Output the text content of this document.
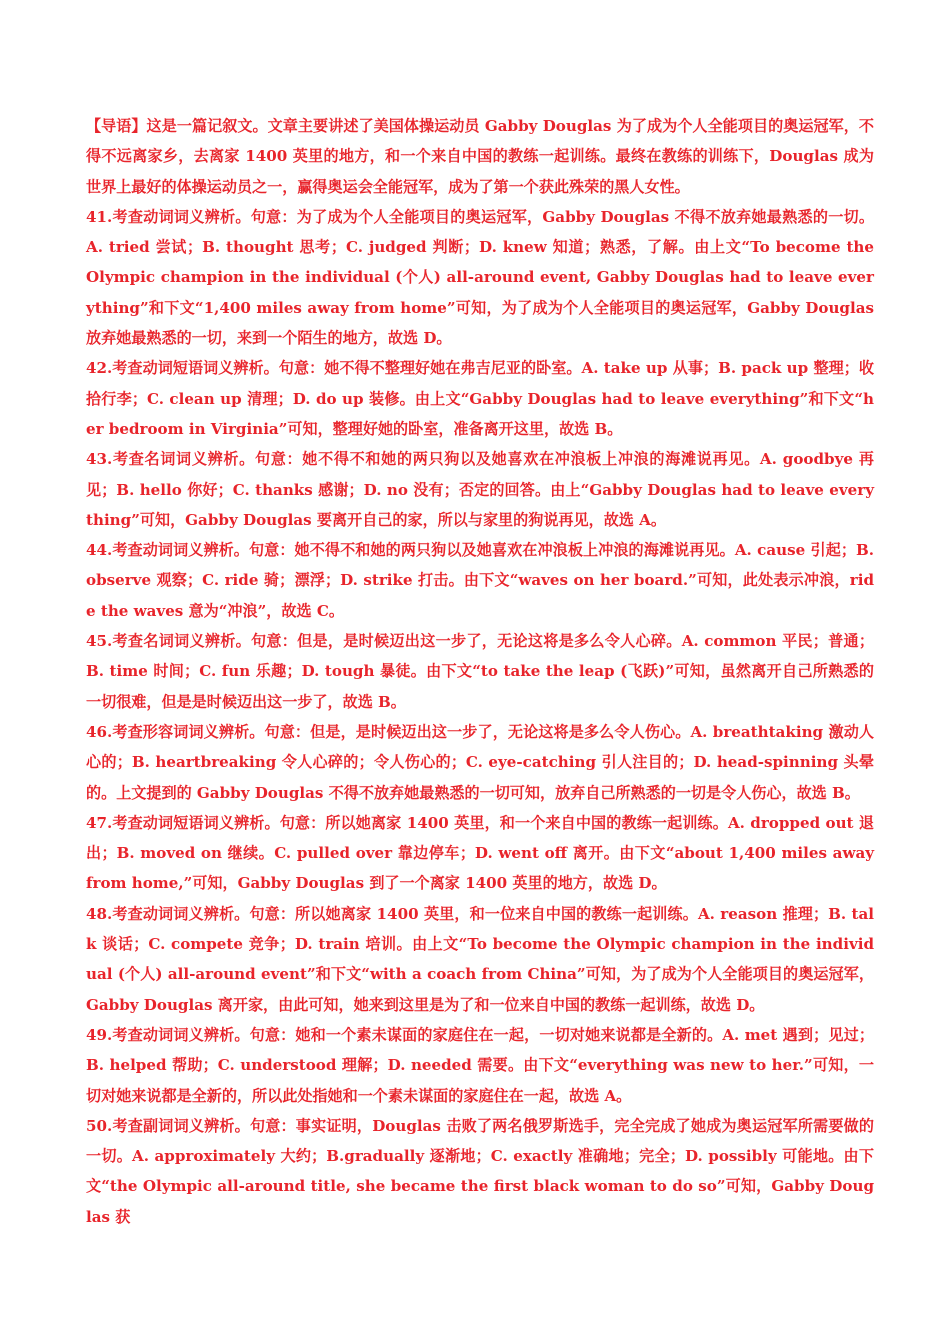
【导语】这是一篇记叙文。文章主要讲述了美国体操运动员 Gabby Douglas 为了成为个人全能项目的奥运冠军，不得不远离家乡，去离家 1400 英里的地方，和一个来自中国的教练一起训练。最终在教练的训练下，Douglas 成为世界上最好的体操运动员之一，赢得奥运会全能冠军，成为了第一个获此殊荣的黑人女性。

41.考查动词词义辨析。句意：为了成为个人全能项目的奥运冠军，Gabby Douglas 不得不放弃她最熟悉的一切。A. tried 尝试；B. thought 思考；C. judged 判断；D. knew 知道；熟悉，了解。由上文“To become the Olympic champion in the individual (个人) all-around event, Gabby Douglas had to leave everything”和下文“1,400 miles away from home”可知，为了成为个人全能项目的奥运冠军，Gabby Douglas 放弃她最熟悉的一切，来到一个陌生的地方，故选 D。

42.考查动词短语词义辨析。句意：她不得不整理好她在弗吉尼亚的卧室。A. take up 从事；B. pack up 整理；收拾行李；C. clean up 清理；D. do up 装修。由上文“Gabby Douglas had to leave everything”和下文“her bedroom in Virginia”可知，整理好她的卧室，准备离开这里，故选 B。

43.考查名词词义辨析。句意：她不得不和她的两只狗以及她喜欢在冲浪板上冲浪的海滩说再见。A. goodbye 再见；B. hello 你好；C. thanks 感谢；D. no 没有；否定的回答。由上“Gabby Douglas had to leave everything”可知，Gabby Douglas 要离开自己的家，所以与家里的狗说再见，故选 A。

44.考查动词词义辨析。句意：她不得不和她的两只狗以及她喜欢在冲浪板上冲浪的海滩说再见。A. cause 引起；B. observe 观察；C. ride 骑；漂浮；D. strike 打击。由下文“waves on her board.”可知，此处表示冲浪，ride the waves 意为“冲浪”，故选 C。

45.考查名词词义辨析。句意：但是，是时候迈出这一步了，无论这将是多么令人心碎。A. common 平民；普通；B. time 时间；C. fun 乐趣；D. tough 暴徒。由下文“to take the leap (飞跃)”可知，虽然离开自己所熟悉的一切很难，但是是时候迈出这一步了，故选 B。

46.考查形容词词义辨析。句意：但是，是时候迈出这一步了，无论这将是多么令人伤心。A. breathtaking 激动人心的；B. heartbreaking 令人心碎的；令人伤心的；C. eye-catching 引人注目的；D. head-spinning 头晕的。上文提到的 Gabby Douglas 不得不放弃她最熟悉的一切可知，放弃自己所熟悉的一切是令人伤心，故选 B。

47.考查动词短语词义辨析。句意：所以她离家 1400 英里，和一个来自中国的教练一起训练。A. dropped out 退出；B. moved on 继续。C. pulled over 靠边停车；D. went off 离开。由下文“about 1,400 miles away from home,”可知，Gabby Douglas 到了一个离家 1400 英里的地方，故选 D。

48.考查动词词义辨析。句意：所以她离家 1400 英里，和一位来自中国的教练一起训练。A. reason 推理；B. talk 谈话；C. compete 竞争；D. train 培训。由上文“To become the Olympic champion in the individual (个人) all-around event”和下文“with a coach from China”可知，为了成为个人全能项目的奥运冠军，Gabby Douglas 离开家，由此可知，她来到这里是为了和一位来自中国的教练一起训练，故选 D。

49.考查动词词义辨析。句意：她和一个素未谋面的家庭住在一起，一切对她来说都是全新的。A. met 遇到；见过；B. helped 帮助；C. understood 理解；D. needed 需要。由下文“everything was new to her.”可知，一切对她来说都是全新的，所以此处指她和一个素未谋面的家庭住在一起，故选 A。

50.考查副词词义辨析。句意：事实证明，Douglas 击败了两名俄罗斯选手，完全完成了她成为奥运冠军所需要做的一切。A. approximately 大约；B.gradually 逐渐地；C. exactly 准确地；完全；D. possibly 可能地。由下文“the Olympic all-around title, she became the first black woman to do so”可知，Gabby Douglas 获
